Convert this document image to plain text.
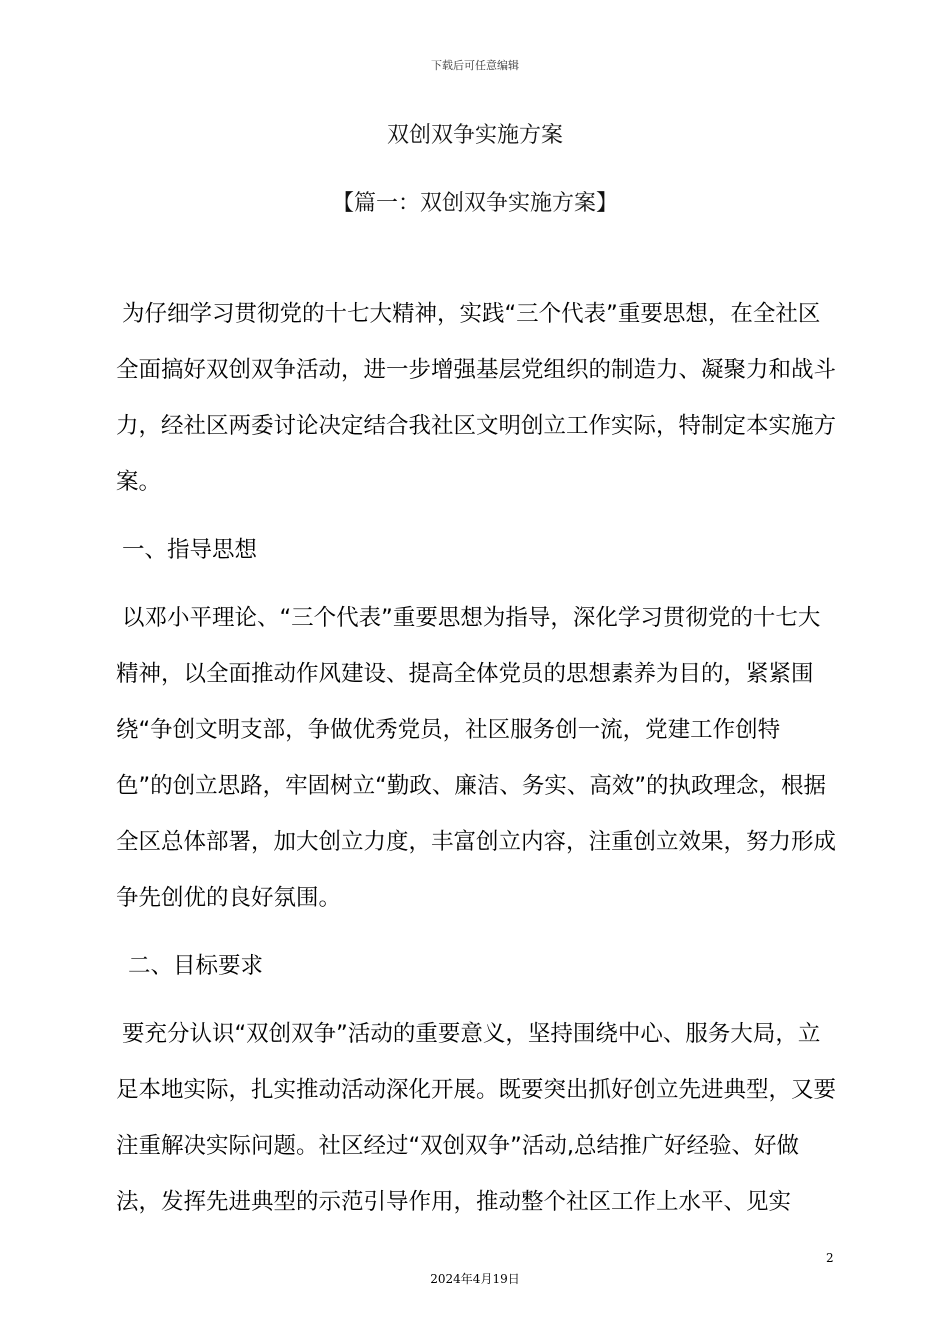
下载后可任意编辑
双创双争实施方案
【篇一：双创双争实施方案】

为仔细学习贯彻党的十七大精神，实践“三个代表”重要思想，在全社区全面搞好双创双争活动，进一步增强基层党组织的制造力、凝聚力和战斗力，经社区两委讨论决定结合我社区文明创立工作实际，特制定本实施方案。

一、指导思想

以邓小平理论、“三个代表”重要思想为指导，深化学习贯彻党的十七大精神，以全面推动作风建设、提高全体党员的思想素养为目的，紧紧围绕“争创文明支部，争做优秀党员，社区服务创一流，党建工作创特色”的创立思路，牢固树立“勤政、廉洁、务实、高效”的执政理念，根据全区总体部署，加大创立力度，丰富创立内容，注重创立效果，努力形成争先创优的良好氛围。

二、目标要求

要充分认识“双创双争”活动的重要意义，坚持围绕中心、服务大局，立足本地实际，扎实推动活动深化开展。既要突出抓好创立先进典型，又要注重解决实际问题。社区经过“双创双争”活动,总结推广好经验、好做法，发挥先进典型的示范引导作用，推动整个社区工作上水平、见实

2
2024年4月19日
